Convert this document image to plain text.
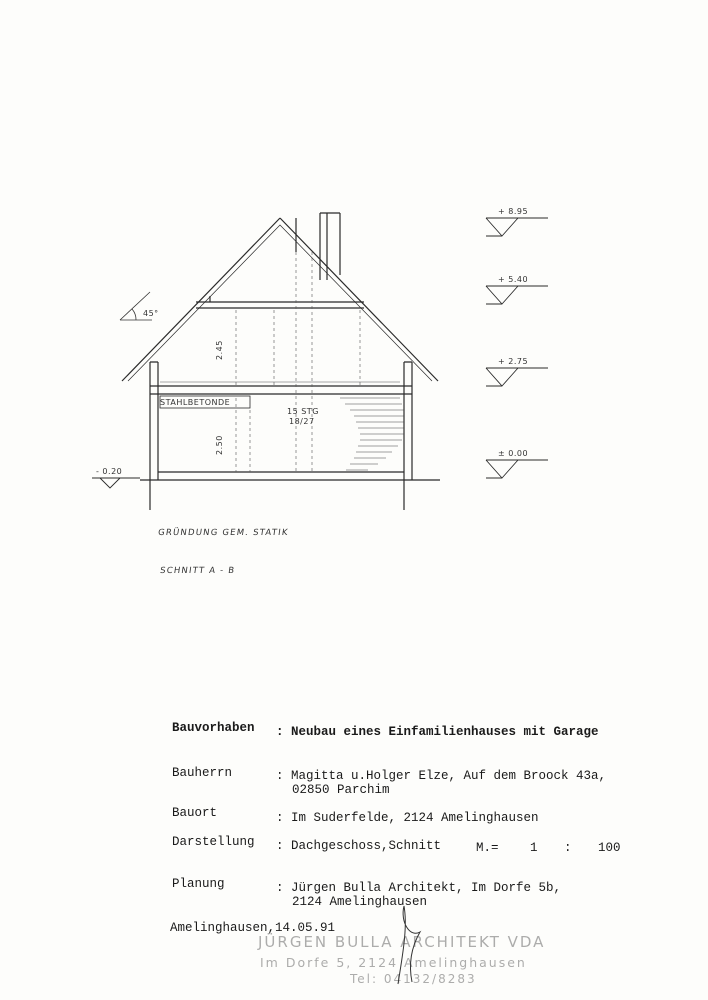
45°
2.45
2.50
STAHLBETONDE
15 STG
18/27
+ 8.95
+ 5.40
+ 2.75
± 0.00
- 0.20
GRÜNDUNG GEM. STATIK
SCHNITT A - B
Bauvorhaben : Neubau eines Einfamilienhauses mit Garage
Bauherrn	: Magitta u.Holger Elze, Auf dem Broock 43a,
02850 Parchim
Bauort	: Im Suderfelde, 2124 Amelinghausen
Darstellung : Dachgeschoss,Schnitt	M.=	1 : 100
Planung	: Jürgen Bulla Architekt, Im Dorfe 5b,
2124 Amelinghausen
Amelinghausen,14.05.91
JÜRGEN BULLA ARCHITEKT VDA
Im Dorfe 5, 2124 Amelinghausen
Tel: 04132/8283
